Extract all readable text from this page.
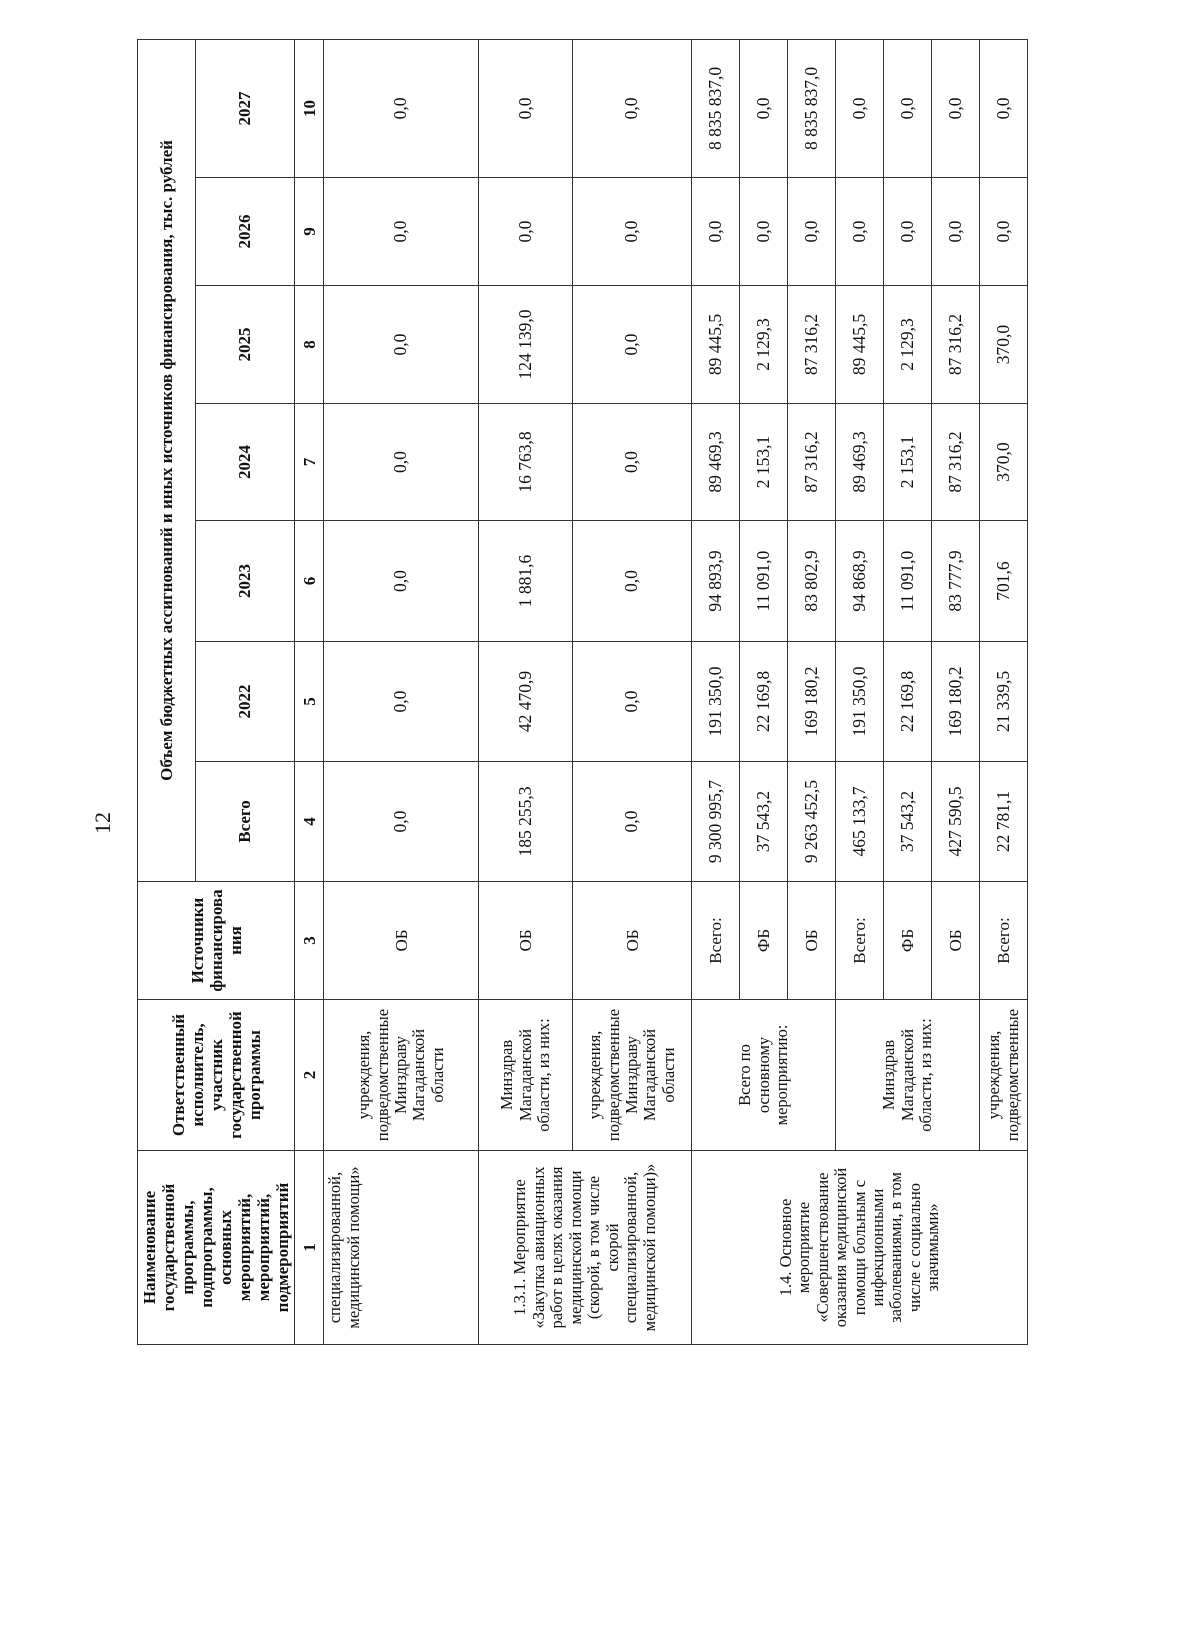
12
Наименование государственной программы, подпрограммы, основных мероприятий, мероприятий, подмероприятий	Ответственный исполнитель, участник государственной программы	Источники финансирова ния	Объем бюджетных ассигнований и иных источников финансирования, тыс. рублей						
			Всего	2022	2023	2024	2025	2026	2027
1	2	3	4	5	6	7	8	9	10
специализированной, медицинской помощи»	учреждения, подведомственные Минздраву Магаданской области	ОБ	0,0	0,0	0,0	0,0	0,0	0,0	0,0
1.3.1. Мероприятие «Закупка авиационных работ в целях оказания медицинской помощи (скорой, в том числе скорой специализированной, медицинской помощи)»	Минздрав Магаданской области, из них:	ОБ	185 255,3	42 470,9	1 881,6	16 763,8	124 139,0	0,0	0,0
	учреждения, подведомственные Минздраву Магаданской области	ОБ	0,0	0,0	0,0	0,0	0,0	0,0	0,0
1.4. Основное мероприятие «Совершенствование оказания медицинской помощи больным с инфекционными заболеваниями, в том числе с социально значимыми»	Всего по основному мероприятию:	Всего:	9 300 995,7	191 350,0	94 893,9	89 469,3	89 445,5	0,0	8 835 837,0
		ФБ	37 543,2	22 169,8	11 091,0	2 153,1	2 129,3	0,0	0,0
		ОБ	9 263 452,5	169 180,2	83 802,9	87 316,2	87 316,2	0,0	8 835 837,0
	Минздрав Магаданской области, из них:	Всего:	465 133,7	191 350,0	94 868,9	89 469,3	89 445,5	0,0	0,0
		ФБ	37 543,2	22 169,8	11 091,0	2 153,1	2 129,3	0,0	0,0
		ОБ	427 590,5	169 180,2	83 777,9	87 316,2	87 316,2	0,0	0,0
	учреждения, подведомственные	Всего:	22 781,1	21 339,5	701,6	370,0	370,0	0,0	0,0
